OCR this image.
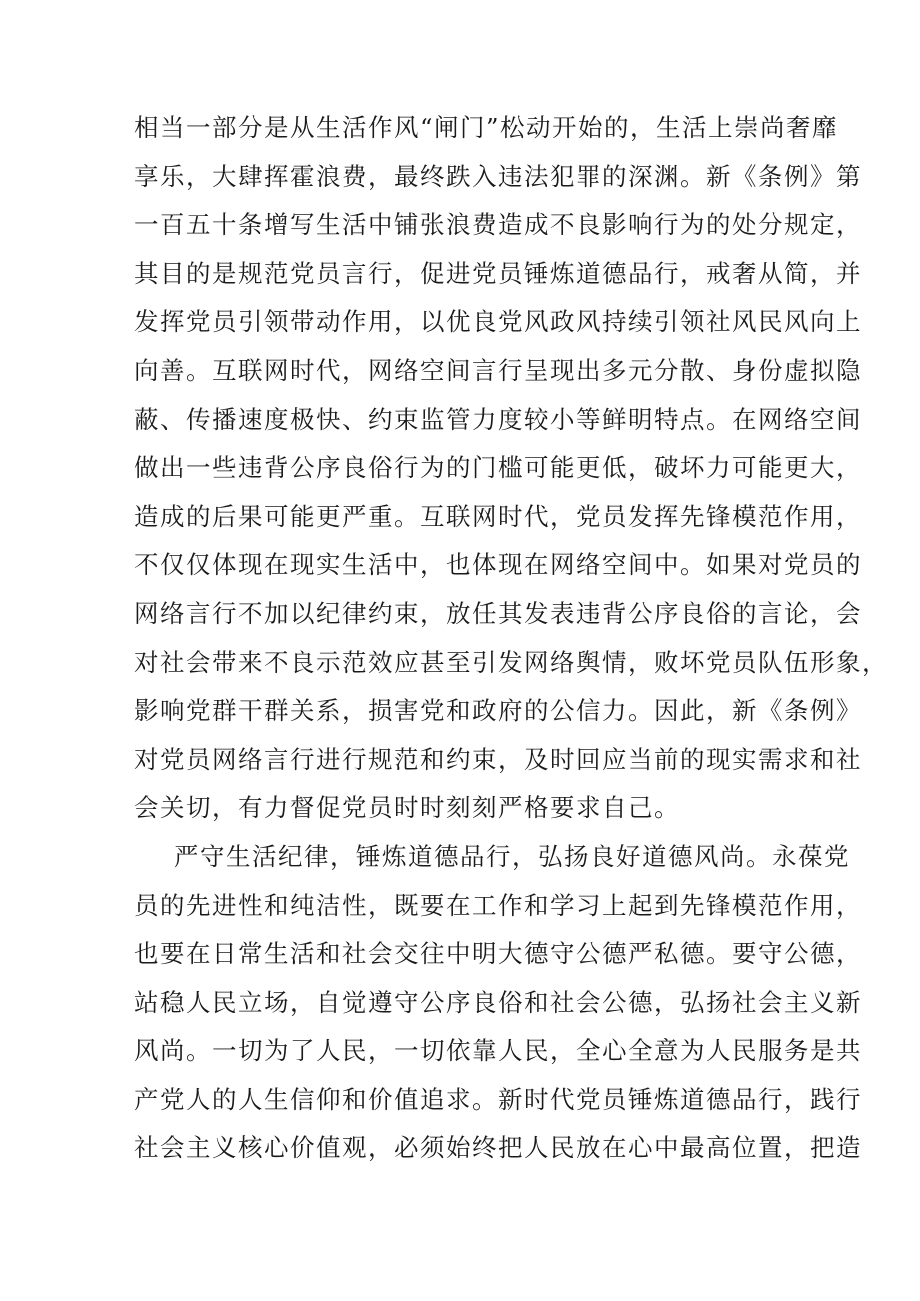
相当一部分是从生活作风“闸门”松动开始的，生活上崇尚奢靡
享乐，大肆挥霍浪费，最终跌入违法犯罪的深渊。新《条例》第
一百五十条增写生活中铺张浪费造成不良影响行为的处分规定，
其目的是规范党员言行，促进党员锤炼道德品行，戒奢从简，并
发挥党员引领带动作用，以优良党风政风持续引领社风民风向上
向善。互联网时代，网络空间言行呈现出多元分散、身份虚拟隐
蔽、传播速度极快、约束监管力度较小等鲜明特点。在网络空间
做出一些违背公序良俗行为的门槛可能更低，破坏力可能更大，
造成的后果可能更严重。互联网时代，党员发挥先锋模范作用，
不仅仅体现在现实生活中，也体现在网络空间中。如果对党员的
网络言行不加以纪律约束，放任其发表违背公序良俗的言论，会
对社会带来不良示范效应甚至引发网络舆情，败坏党员队伍形象，
影响党群干群关系，损害党和政府的公信力。因此，新《条例》
对党员网络言行进行规范和约束，及时回应当前的现实需求和社
会关切，有力督促党员时时刻刻严格要求自己。
严守生活纪律，锤炼道德品行，弘扬良好道德风尚。永葆党
员的先进性和纯洁性，既要在工作和学习上起到先锋模范作用，
也要在日常生活和社会交往中明大德守公德严私德。要守公德，
站稳人民立场，自觉遵守公序良俗和社会公德，弘扬社会主义新
风尚。一切为了人民，一切依靠人民，全心全意为人民服务是共
产党人的人生信仰和价值追求。新时代党员锤炼道德品行，践行
社会主义核心价值观，必须始终把人民放在心中最高位置，把造
